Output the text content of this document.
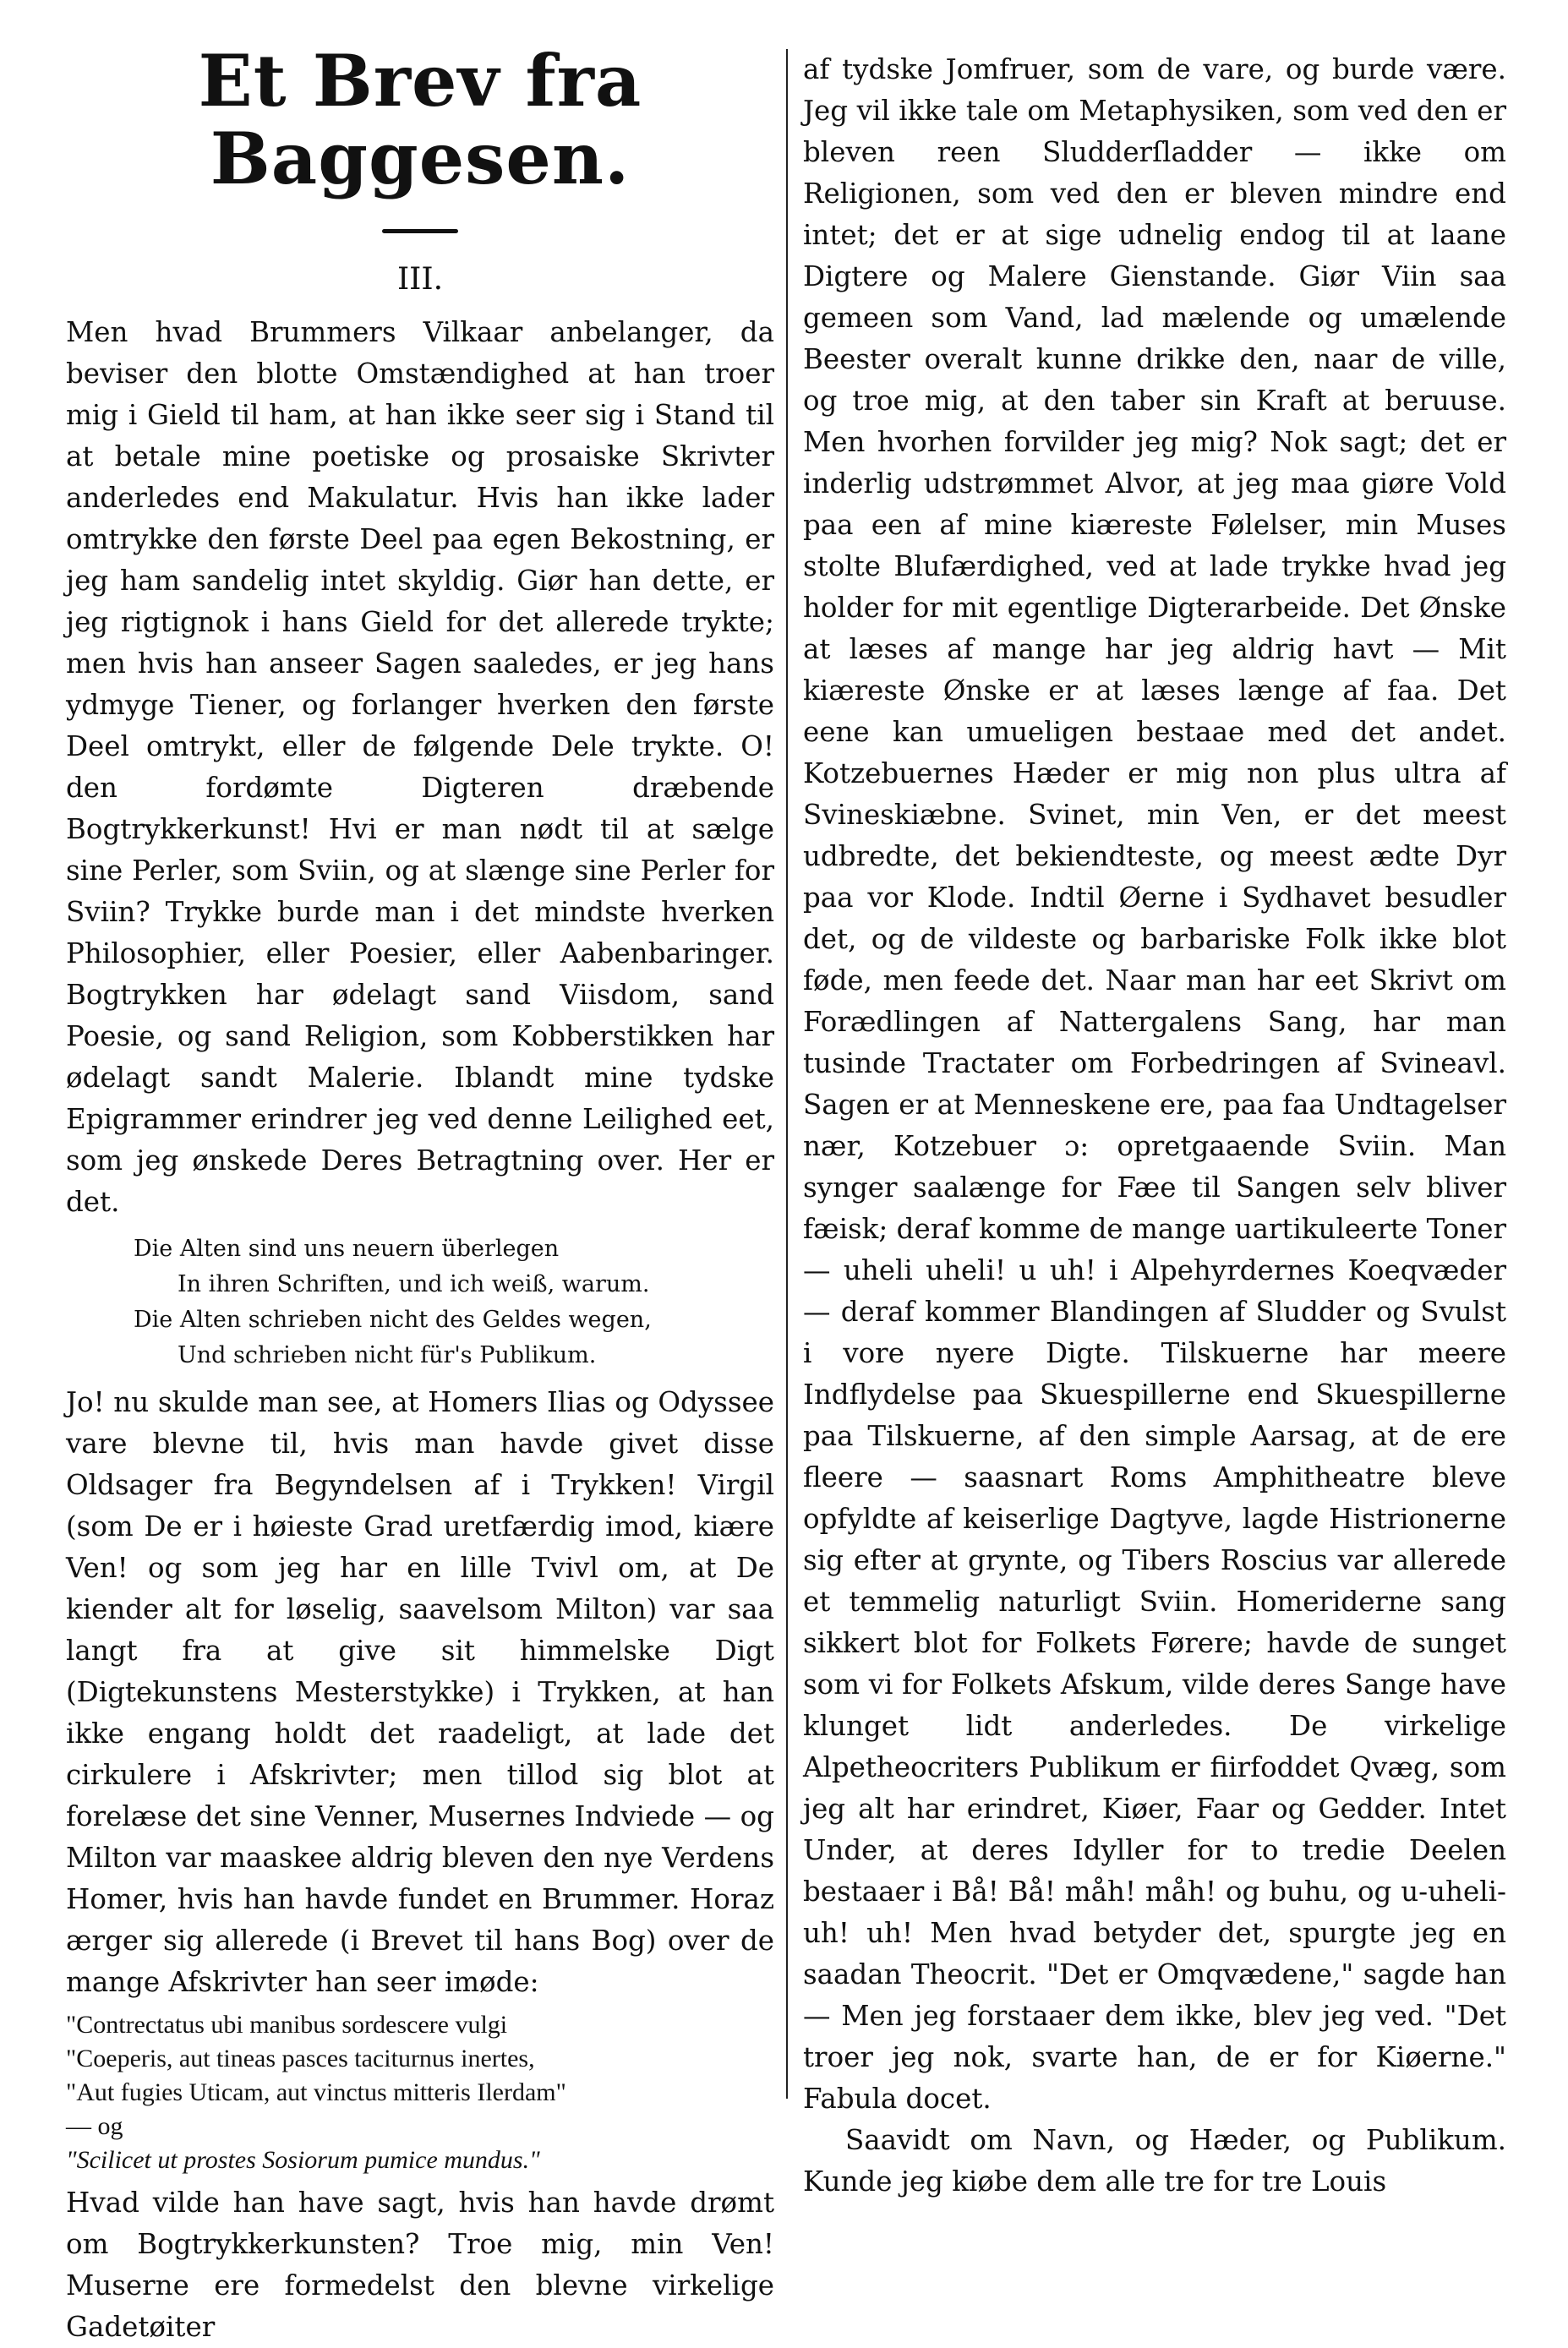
Et Brev fra Baggesen.
III.

Men hvad Brummers Vilkaar anbelanger, da beviser den blotte Omstændighed at han troer mig i Gield til ham, at han ikke seer sig i Stand til at betale mine poetiske og prosaiske Skrivter anderledes end Makulatur. Hvis han ikke lader omtrykke den første Deel paa egen Bekostning, er jeg ham sandelig intet skyldig. Giør han dette, er jeg rigtignok i hans Gield for det allerede trykte; men hvis han anseer Sagen saaledes, er jeg hans ydmyge Tiener, og forlanger hverken den første Deel omtrykt, eller de følgende Dele trykte. O! den fordømte Digteren dræbende Bogtrykkerkunst! Hvi er man nødt til at sælge sine Perler, som Sviin, og at slænge sine Perler for Sviin? Trykke burde man i det mindste hverken Philosophier, eller Poesier, eller Aabenbaringer. Bogtrykken har ødelagt sand Viisdom, sand Poesie, og sand Religion, som Kobberstikken har ødelagt sandt Malerie. Iblandt mine tydske Epigrammer erindrer jeg ved denne Leilighed eet, som jeg ønskede Deres Betragtning over. Her er det.

Die Alten sind uns neuern überlegen
In ihren Schriften, und ich weiß, warum.
Die Alten schrieben nicht des Geldes wegen,
Und schrieben nicht für's Publikum.

Jo! nu skulde man see, at Homers Ilias og Odyssee vare blevne til, hvis man havde givet disse Oldsager fra Begyndelsen af i Trykken! Virgil (som De er i høieste Grad uretfærdig imod, kiære Ven! og som jeg har en lille Tvivl om, at De kiender alt for løselig, saavelsom Milton) var saa langt fra at give sit himmelske Digt (Digtekunstens Mesterstykke) i Trykken, at han ikke engang holdt det raadeligt, at lade det cirkulere i Afskrivter; men tillod sig blot at forelæse det sine Venner, Musernes Indviede — og Milton var maaskee aldrig bleven den nye Verdens Homer, hvis han havde fundet en Brummer. Horaz ærger sig allerede (i Brevet til hans Bog) over de mange Afskrivter han seer imøde:

"Contrectatus ubi manibus sordescere vulgi
"Coeperis, aut tineas pasces taciturnus inertes,
"Aut fugies Uticam, aut vinctus mitteris Ilerdam"
— og
"Scilicet ut prostes Sosiorum pumice mundus."

Hvad vilde han have sagt, hvis han havde drømt om Bogtrykkerkunsten? Troe mig, min Ven! Muserne ere formedelst den blevne virkelige Gadetøiter

af tydske Jomfruer, som de vare, og burde være. Jeg vil ikke tale om Metaphysiken, som ved den er bleven reen Sludderſladder — ikke om Religionen, som ved den er bleven mindre end intet; det er at sige udnelig endog til at laane Digtere og Malere Gienstande. Giør Viin saa gemeen som Vand, lad mælende og umælende Beester overalt kunne drikke den, naar de ville, og troe mig, at den taber sin Kraft at beruuse. Men hvorhen forvilder jeg mig? Nok sagt; det er inderlig udstrømmet Alvor, at jeg maa giøre Vold paa een af mine kiæreste Følelser, min Muses stolte Blufærdighed, ved at lade trykke hvad jeg holder for mit egentlige Digterarbeide. Det Ønske at læses af mange har jeg aldrig havt — Mit kiæreste Ønske er at læses længe af faa. Det eene kan umueligen bestaae med det andet. Kotzebuernes Hæder er mig non plus ultra af Svineskiæbne. Svinet, min Ven, er det meest udbredte, det bekiendteste, og meest ædte Dyr paa vor Klode. Indtil Øerne i Sydhavet besudler det, og de vildeste og barbariske Folk ikke blot føde, men feede det. Naar man har eet Skrivt om Forædlingen af Nattergalens Sang, har man tusinde Tractater om Forbedringen af Svineavl. Sagen er at Menneskene ere, paa faa Undtagelser nær, Kotzebuer ɔ: opretgaaende Sviin. Man synger saalænge for Fæe til Sangen selv bliver fæisk; deraf komme de mange uartikuleerte Toner — uheli uheli! u uh! i Alpehyrdernes Koeqvæder — deraf kommer Blandingen af Sludder og Svulst i vore nyere Digte. Tilskuerne har meere Indflydelse paa Skuespillerne end Skuespillerne paa Tilskuerne, af den simple Aarsag, at de ere fleere — saasnart Roms Amphitheatre bleve opfyldte af keiserlige Dagtyve, lagde Histrionerne sig efter at grynte, og Tibers Roscius var allerede et temmelig naturligt Sviin. Homeriderne sang sikkert blot for Folkets Førere; havde de sunget som vi for Folkets Afskum, vilde deres Sange have klunget lidt anderledes. De virkelige Alpetheocriters Publikum er fiirfoddet Qvæg, som jeg alt har erindret, Kiøer, Faar og Gedder. Intet Under, at deres Idyller for to tredie Deelen bestaaer i Bå! Bå! måh! måh! og buhu, og u-uheli-uh! uh! Men hvad betyder det, spurgte jeg en saadan Theocrit. "Det er Omqvædene," sagde han — Men jeg forstaaer dem ikke, blev jeg ved. "Det troer jeg nok, svarte han, de er for Kiøerne." Fabula docet.

Saavidt om Navn, og Hæder, og Publikum. Kunde jeg kiøbe dem alle tre for tre Louis
